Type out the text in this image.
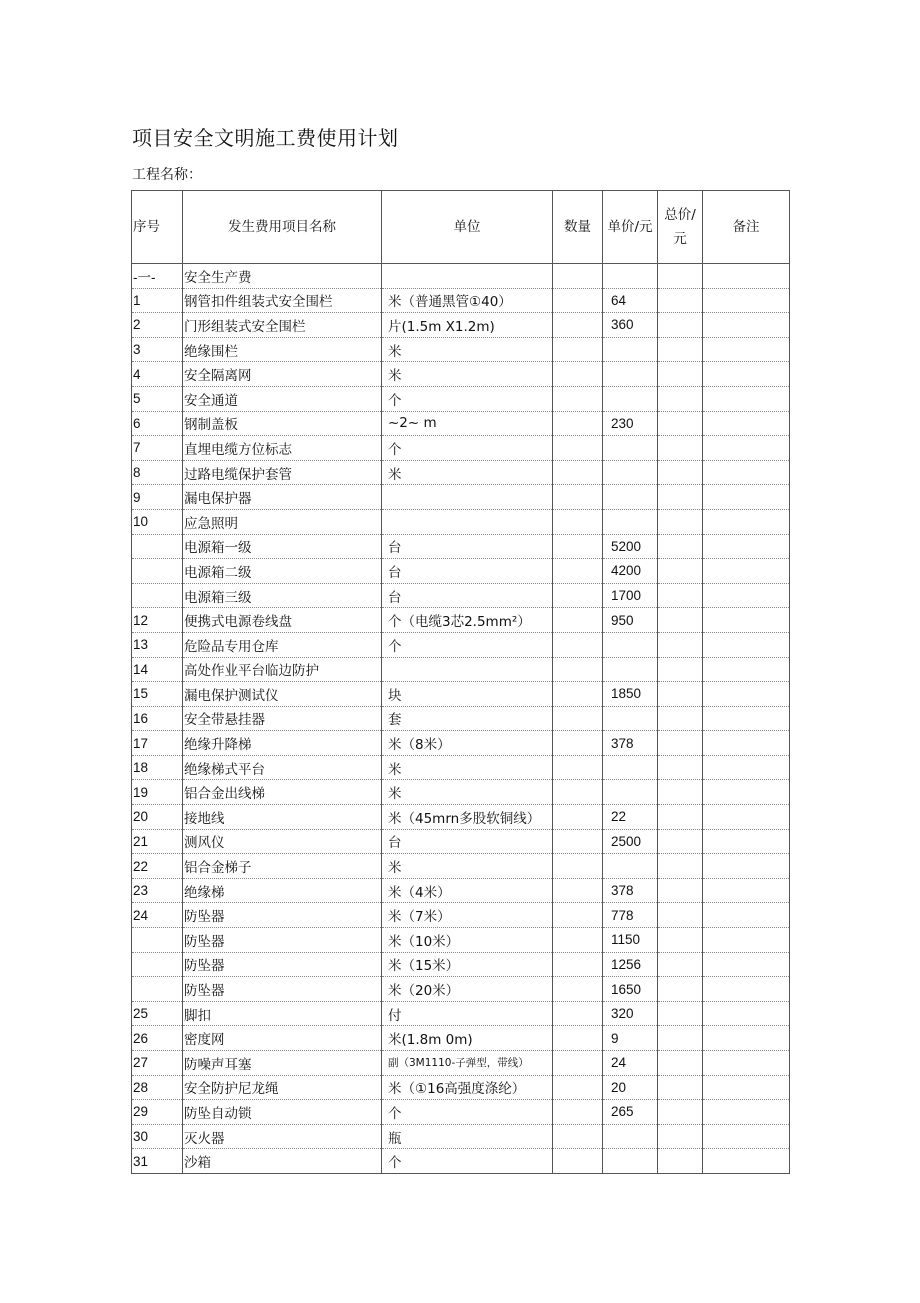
项目安全文明施工费使用计划
工程名称：
序号	发生费用项目名称	单位	数量	单价/元	总价/元	备注
-一-	安全生产费					
1	钢管扣件组装式安全围栏	米（普通黑管①40）		64		
2	门形组装式安全围栏	片(1.5m X1.2m)		360		
3	绝缘围栏	米				
4	安全隔离网	米				
5	安全通道	个				
6	钢制盖板	~2~ m		230		
7	直埋电缆方位标志	个				
8	过路电缆保护套管	米				
9	漏电保护器					
10	应急照明					
	电源箱一级	台		5200		
	电源箱二级	台		4200		
	电源箱三级	台		1700		
12	便携式电源卷线盘	个（电缆3芯2.5mm²）		950		
13	危险品专用仓库	个				
14	高处作业平台临边防护					
15	漏电保护测试仪	块		1850		
16	安全带悬挂器	套				
17	绝缘升降梯	米（8米）		378		
18	绝缘梯式平台	米				
19	铝合金出线梯	米				
20	接地线	米（45mrn多股软铜线）		22		
21	测风仪	台		2500		
22	铝合金梯子	米				
23	绝缘梯	米（4米）		378		
24	防坠器	米（7米）		778		
	防坠器	米（10米）		1150		
	防坠器	米（15米）		1256		
	防坠器	米（20米）		1650		
25	脚扣	付		320		
26	密度网	米(1.8m 0m)		9		
27	防噪声耳塞	副（3M1110-子弹型，带线）		24		
28	安全防护尼龙绳	米（①16高强度涤纶）		20		
29	防坠自动锁	个		265		
30	灭火器	瓶				
31	沙箱	个				
